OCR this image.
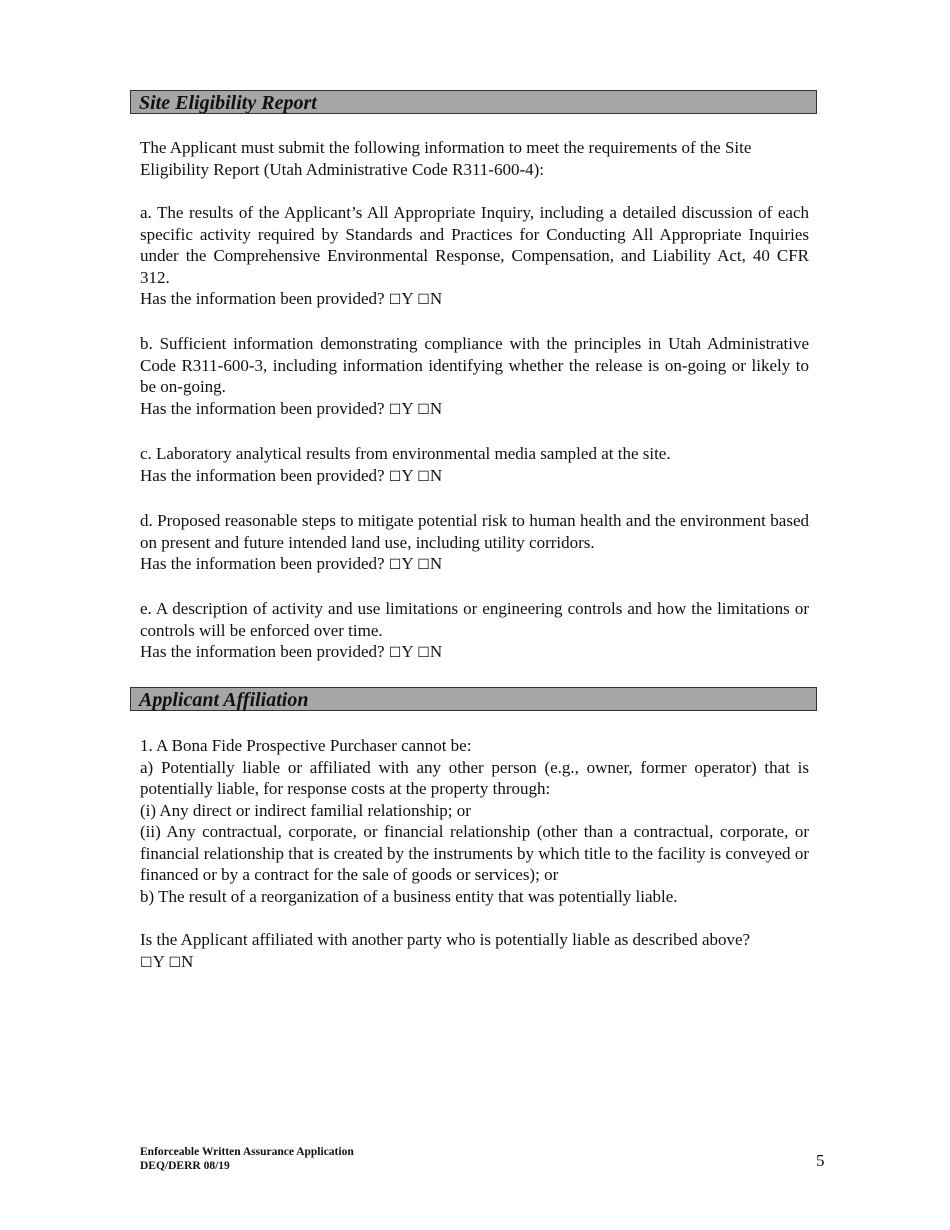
Site Eligibility Report
The Applicant must submit the following information to meet the requirements of the Site Eligibility Report (Utah Administrative Code R311-600-4):
a. The results of the Applicant’s All Appropriate Inquiry, including a detailed discussion of each specific activity required by Standards and Practices for Conducting All Appropriate Inquiries under the Comprehensive Environmental Response, Compensation, and Liability Act, 40 CFR 312.
Has the information been provided? ☐Y ☐N
b. Sufficient information demonstrating compliance with the principles in Utah Administrative Code R311-600-3, including information identifying whether the release is on-going or likely to be on-going.
Has the information been provided? ☐Y ☐N
c. Laboratory analytical results from environmental media sampled at the site.
Has the information been provided? ☐Y ☐N
d. Proposed reasonable steps to mitigate potential risk to human health and the environment based on present and future intended land use, including utility corridors.
Has the information been provided? ☐Y ☐N
e. A description of activity and use limitations or engineering controls and how the limitations or controls will be enforced over time.
Has the information been provided? ☐Y ☐N
Applicant Affiliation
1. A Bona Fide Prospective Purchaser cannot be:
a) Potentially liable or affiliated with any other person (e.g., owner, former operator) that is potentially liable, for response costs at the property through:
(i) Any direct or indirect familial relationship; or
(ii) Any contractual, corporate, or financial relationship (other than a contractual, corporate, or financial relationship that is created by the instruments by which title to the facility is conveyed or financed or by a contract for the sale of goods or services); or
b) The result of a reorganization of a business entity that was potentially liable.
Is the Applicant affiliated with another party who is potentially liable as described above?
☐Y ☐N
Enforceable Written Assurance Application
DEQ/DERR 08/19	5
